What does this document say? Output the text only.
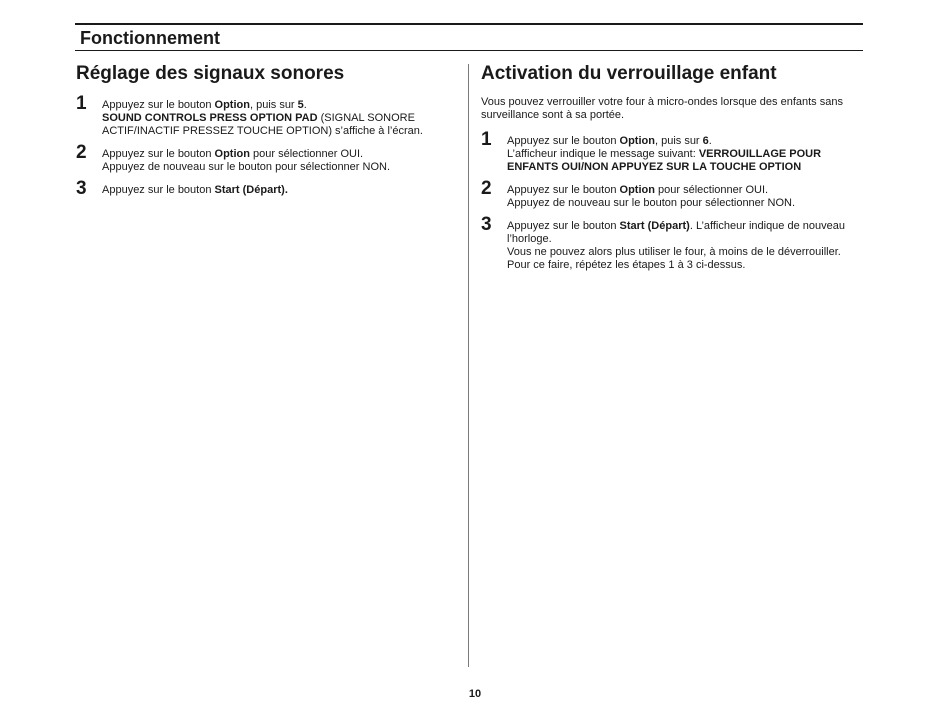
Fonctionnement
Réglage des signaux sonores
1 Appuyez sur le bouton Option, puis sur 5.

SOUND CONTROLS PRESS OPTION PAD (SIGNAL SONORE ACTIF/INACTIF PRESSEZ TOUCHE OPTION) s’affiche à l’écran.

2 Appuyez sur le bouton Option pour sélectionner OUI.

Appuyez de nouveau sur le bouton pour sélectionner NON.

3 Appuyez sur le bouton Start (Départ).

Activation du verrouillage enfant

Vous pouvez verrouiller votre four à micro-ondes lorsque des enfants sans surveillance sont à sa portée.

1 Appuyez sur le bouton Option, puis sur 6.

L’afficheur indique le message suivant: VERROUILLAGE POUR ENFANTS OUI/NON APPUYEZ SUR LA TOUCHE OPTION

2 Appuyez sur le bouton Option pour sélectionner OUI.

Appuyez de nouveau sur le bouton pour sélectionner NON.

3 Appuyez sur le bouton Start (Départ). L’afficheur indique de nouveau l’horloge.

Vous ne pouvez alors plus utiliser le four, à moins de le déverrouiller.

Pour ce faire, répétez les étapes 1 à 3 ci-dessus.

10
